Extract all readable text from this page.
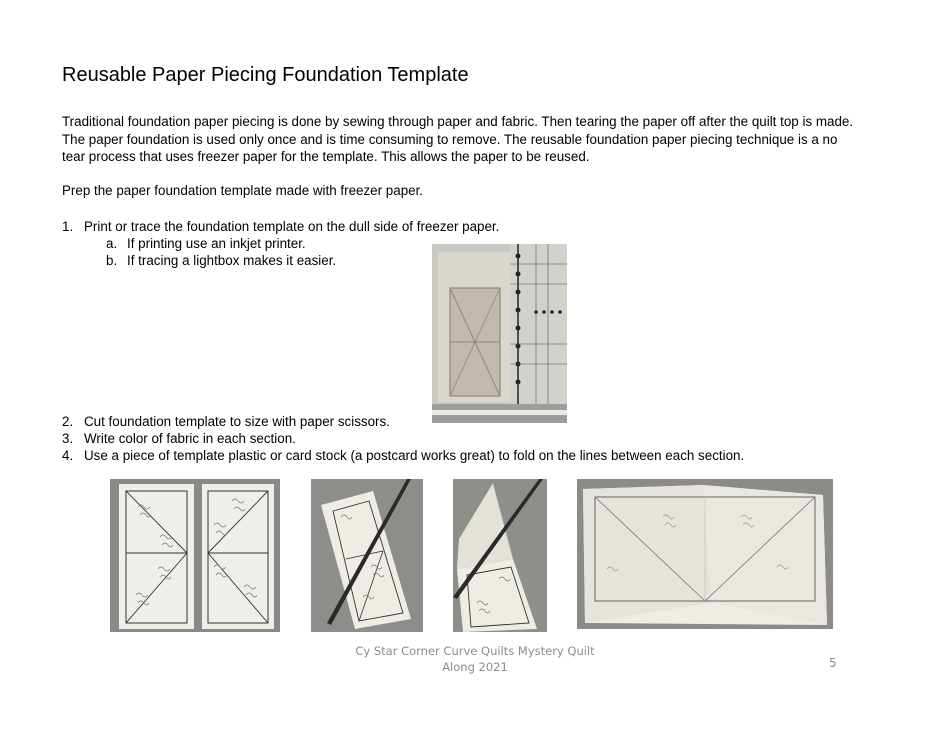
Reusable Paper Piecing Foundation Template

Traditional foundation paper piecing is done by sewing through paper and fabric. Then tearing the paper off after the quilt top is made. The paper foundation is used only once and is time consuming to remove. The reusable foundation paper piecing technique is a no tear process that uses freezer paper for the template. This allows the paper to be reused.

Prep the paper foundation template made with freezer paper.

1. Print or trace the foundation template on the dull side of freezer paper.
a. If printing use an inkjet printer.
b. If tracing a lightbox makes it easier.
2. Cut foundation template to size with paper scissors.
3. Write color of fabric in each section.
4. Use a piece of template plastic or card stock (a postcard works great) to fold on the lines between each section.
Cy Star Corner Curve Quilts Mystery Quilt
Along 2021	5
